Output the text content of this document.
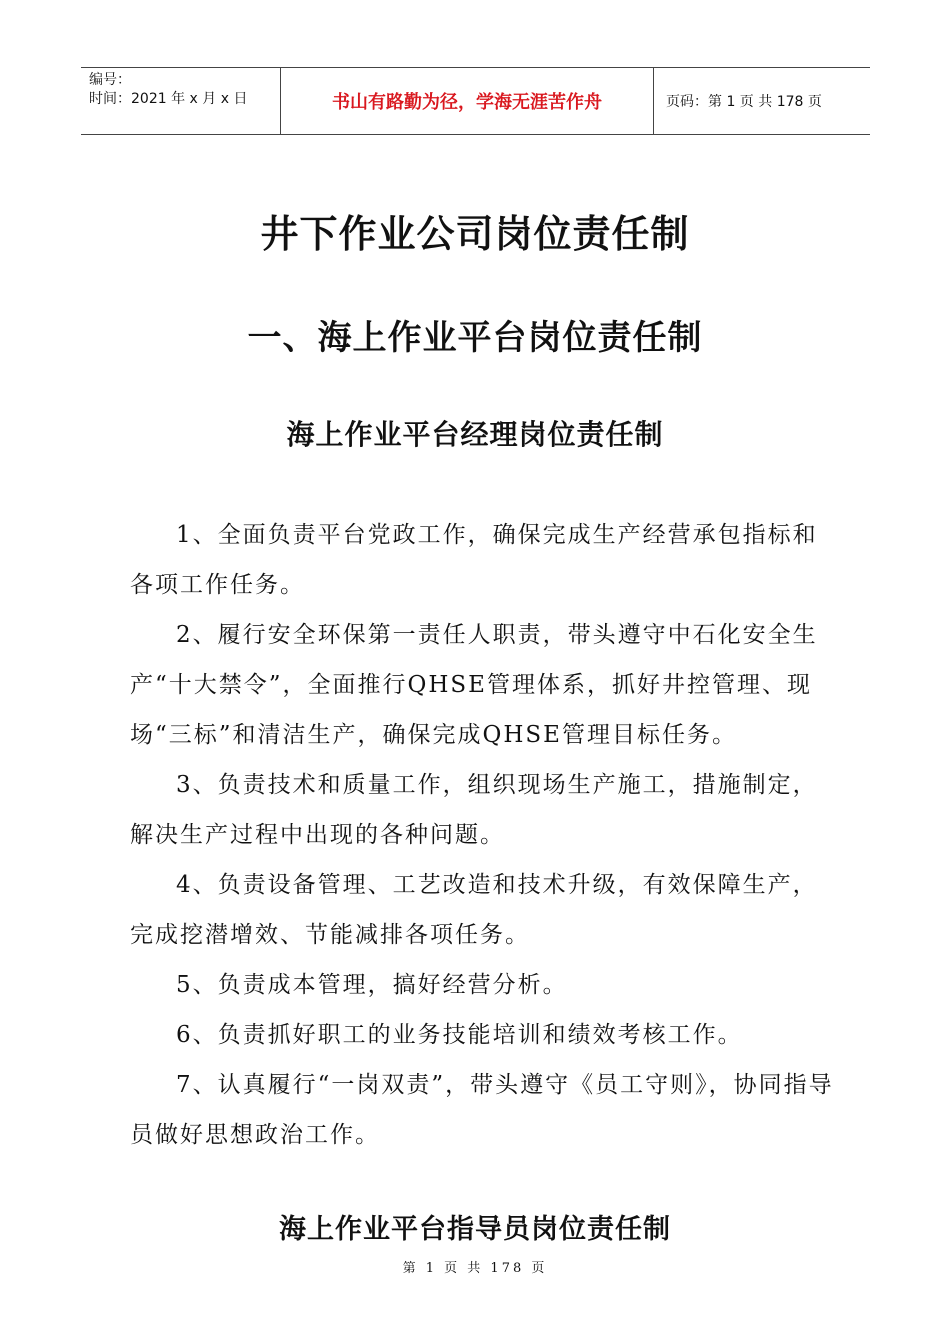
编号：
时间：2021 年 x 月 x 日	书山有路勤为径，学海无涯苦作舟	页码：第 1 页 共 178 页
井下作业公司岗位责任制
一、海上作业平台岗位责任制
海上作业平台经理岗位责任制

1、全面负责平台党政工作，确保完成生产经营承包指标和各项工作任务。

2、履行安全环保第一责任人职责，带头遵守中石化安全生产“十大禁令”，全面推行QHSE管理体系，抓好井控管理、现场“三标”和清洁生产，确保完成QHSE管理目标任务。

3、负责技术和质量工作，组织现场生产施工，措施制定，解决生产过程中出现的各种问题。

4、负责设备管理、工艺改造和技术升级，有效保障生产，完成挖潜增效、节能减排各项任务。

5、负责成本管理，搞好经营分析。

6、负责抓好职工的业务技能培训和绩效考核工作。

7、认真履行“一岗双责”，带头遵守《员工守则》，协同指导员做好思想政治工作。

海上作业平台指导员岗位责任制
第 1 页 共 178 页
